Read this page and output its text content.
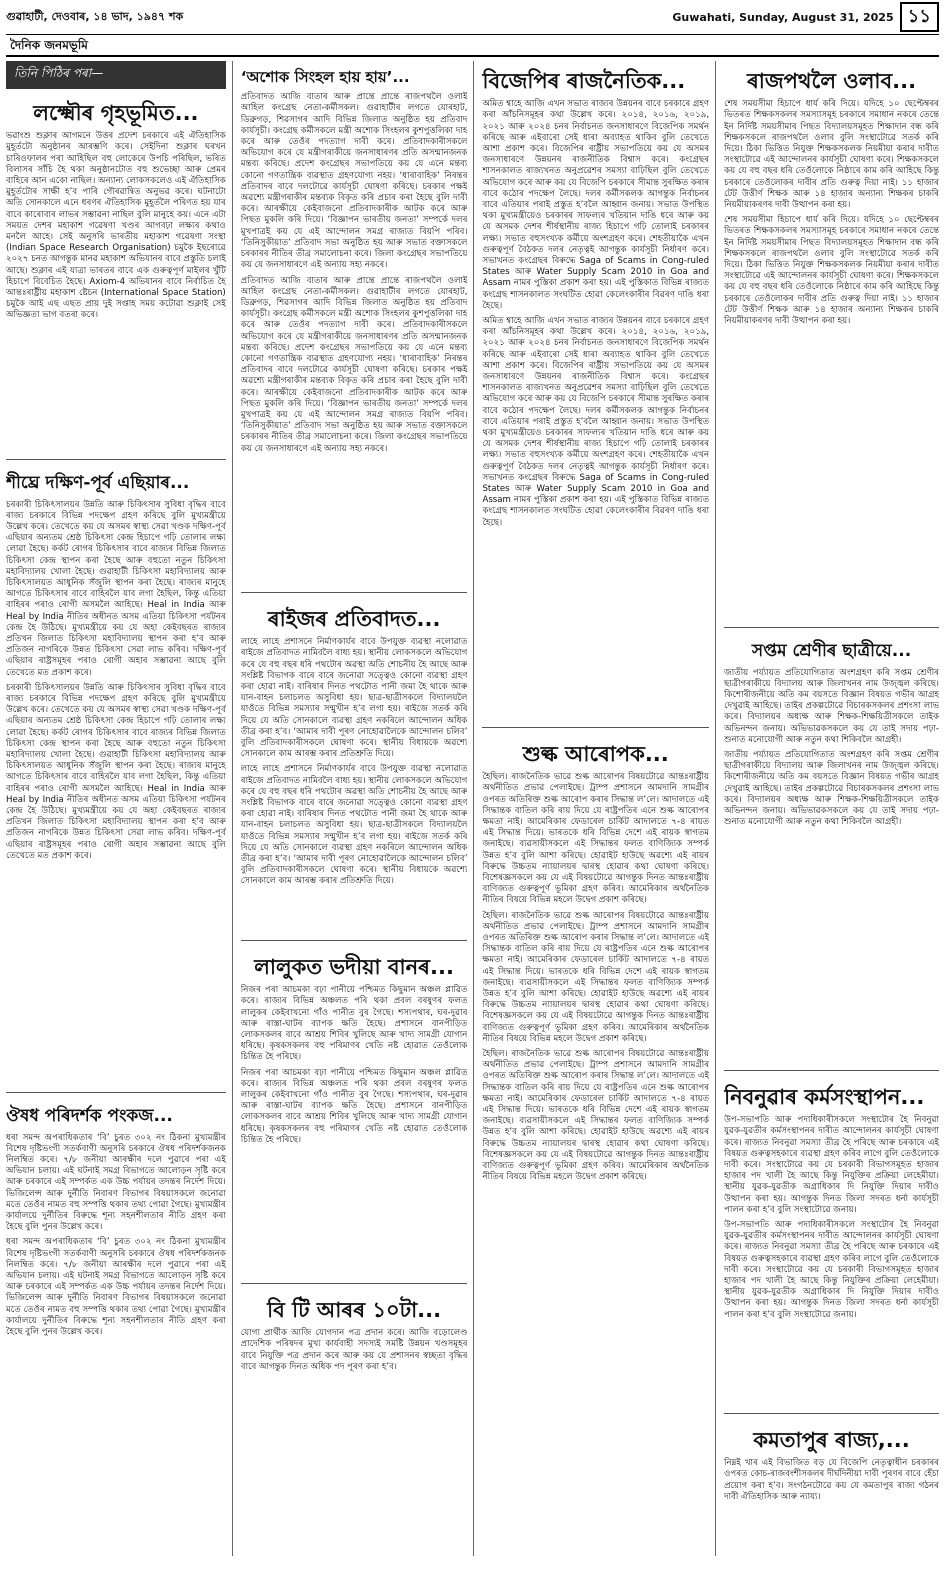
গুৱাহাটী, দেওবাৰ, ১৪ ভাদ, ১৯৪৭ শক	Guwahati, Sunday, August 31, 2025 ১১
দৈনিক জনমভূমি
তিনি পিঠিৰ পৰা—
লক্ষ্মৌৰ গৃহভূমিত...

ভৱাংশু শুক্লাৰ আগমনে উত্তৰ প্ৰদেশ চৰকাৰে এই ঐতিহাসিক মুহূৰ্তটো অনুষ্ঠানৰ আৰম্ভণি কৰে। সেইদিনা শুক্লাৰ ঘৰখন চাৰিওফালৰ পৰা আহিছিল বহু লোকেৰে উপচি পৰিছিল, ভৰিত বিলাসৰ সাঁচি হৈ থকা অনুষ্ঠানটোত বহু শুভেচ্ছা আৰু প্ৰেমৰ বাহিৰে আন একো নাছিল। অন্যান্য লোকসকলেও এই ঐতিহাসিক মুহূৰ্তটোৰ সাক্ষী হ’ব পাৰি গৌৰৱান্বিত অনুভৱ কৰে। ঘটনাটো অতি সোনকালে এনে ধৰণৰ ঐতিহাসিক মুহূৰ্তলৈ পৰিণত হয় যাৰ বাবে কাৰোবাৰ লাভৰ সম্ভাৱনা নাছিল বুলি মানুহে কয়। এনে এটা সময়ত দেশৰ মহাকাশ গৱেষণা খণ্ডৰ আগবঢ়া লক্ষ্যৰ কথাও মনলৈ আহে। সেই অনুসৰি ভাৰতীয় মহাকাশ গৱেষণা সংস্থা (Indian Space Research Organisation) চমুকৈ ইছৰোৱে ২০২৭ চনত আগন্তুক মানৱ মহাকাশ অভিযানৰ বাবে প্ৰস্তুতি চলাই আছে। শুক্লাৰ এই যাত্ৰা ভাৰতৰ বাবে এক গুৰুত্বপূৰ্ণ মাইলৰ খুঁটি হিচাপে বিবেচিত হৈছে। Axiom-4 অভিযানৰ বাবে নিৰ্বাচিত হৈ আন্তঃৰাষ্ট্ৰীয় মহাকাশ ষ্টেচন (International Space Station) চমুকৈ আই এছ এছত প্ৰায় দুই সপ্তাহ সময় কটোৱা শুক্লাই সেই অভিজ্ঞতা ভাগ বতৰা কৰে।

শীঘ্ৰে দক্ষিণ-পূৰ্ব এছিয়াৰ...

চৰকাৰী চিকিৎসালয়ৰ উন্নতি আৰু চিকিৎসাৰ সুবিধা বৃদ্ধিৰ বাবে ৰাজ্য চৰকাৰে বিভিন্ন পদক্ষেপ গ্ৰহণ কৰিছে বুলি মুখ্যমন্ত্ৰীয়ে উল্লেখ কৰে। তেখেতে কয় যে অসমৰ স্বাস্থ্য সেৱা খণ্ডক দক্ষিণ-পূৰ্ব এছিয়াৰ অন্যতম শ্ৰেষ্ঠ চিকিৎসা কেন্দ্ৰ হিচাপে গঢ়ি তোলাৰ লক্ষ্য লোৱা হৈছে। কৰ্কট ৰোগৰ চিকিৎসাৰ বাবে ৰাজ্যৰ বিভিন্ন জিলাত চিকিৎসা কেন্দ্ৰ স্থাপন কৰা হৈছে আৰু বহুতো নতুন চিকিৎসা মহাবিদ্যালয় খোলা হৈছে। গুৱাহাটী চিকিৎসা মহাবিদ্যালয় আৰু চিকিৎসালয়ত আধুনিক সঁজুলি স্থাপন কৰা হৈছে। ৰাজ্যৰ মানুহে আগতে চিকিৎসাৰ বাবে বাহিৰলৈ যাব লগা হৈছিল, কিন্তু এতিয়া বাহিৰৰ পৰাও ৰোগী অসমলৈ আহিছে। Heal in India আৰু Heal by India নীতিৰ অধীনত অসম এতিয়া চিকিৎসা পৰ্যটনৰ কেন্দ্ৰ হৈ উঠিছে। মুখ্যমন্ত্ৰীয়ে কয় যে অহা কেইবছৰত ৰাজ্যৰ প্ৰতিখন জিলাত চিকিৎসা মহাবিদ্যালয় স্থাপন কৰা হ’ব আৰু প্ৰতিজন নাগৰিকে উন্নত চিকিৎসা সেৱা লাভ কৰিব। দক্ষিণ-পূৰ্ব এছিয়াৰ ৰাষ্ট্ৰসমূহৰ পৰাও ৰোগী অহাৰ সম্ভাৱনা আছে বুলি তেখেতে মত প্ৰকাশ কৰে।

চৰকাৰী চিকিৎসালয়ৰ উন্নতি আৰু চিকিৎসাৰ সুবিধা বৃদ্ধিৰ বাবে ৰাজ্য চৰকাৰে বিভিন্ন পদক্ষেপ গ্ৰহণ কৰিছে বুলি মুখ্যমন্ত্ৰীয়ে উল্লেখ কৰে। তেখেতে কয় যে অসমৰ স্বাস্থ্য সেৱা খণ্ডক দক্ষিণ-পূৰ্ব এছিয়াৰ অন্যতম শ্ৰেষ্ঠ চিকিৎসা কেন্দ্ৰ হিচাপে গঢ়ি তোলাৰ লক্ষ্য লোৱা হৈছে। কৰ্কট ৰোগৰ চিকিৎসাৰ বাবে ৰাজ্যৰ বিভিন্ন জিলাত চিকিৎসা কেন্দ্ৰ স্থাপন কৰা হৈছে আৰু বহুতো নতুন চিকিৎসা মহাবিদ্যালয় খোলা হৈছে। গুৱাহাটী চিকিৎসা মহাবিদ্যালয় আৰু চিকিৎসালয়ত আধুনিক সঁজুলি স্থাপন কৰা হৈছে। ৰাজ্যৰ মানুহে আগতে চিকিৎসাৰ বাবে বাহিৰলৈ যাব লগা হৈছিল, কিন্তু এতিয়া বাহিৰৰ পৰাও ৰোগী অসমলৈ আহিছে। Heal in India আৰু Heal by India নীতিৰ অধীনত অসম এতিয়া চিকিৎসা পৰ্যটনৰ কেন্দ্ৰ হৈ উঠিছে। মুখ্যমন্ত্ৰীয়ে কয় যে অহা কেইবছৰত ৰাজ্যৰ প্ৰতিখন জিলাত চিকিৎসা মহাবিদ্যালয় স্থাপন কৰা হ’ব আৰু প্ৰতিজন নাগৰিকে উন্নত চিকিৎসা সেৱা লাভ কৰিব। দক্ষিণ-পূৰ্ব এছিয়াৰ ৰাষ্ট্ৰসমূহৰ পৰাও ৰোগী অহাৰ সম্ভাৱনা আছে বুলি তেখেতে মত প্ৰকাশ কৰে।

ঔষধ পৰিদৰ্শক পংকজ...

ধৰা সমন্দ অপৰাধিকতাৰ ‘বি’ চুৰত ৩০২ নং ঠিকনা মুখ্যমন্ত্ৰীৰ বিশেষ দৃষ্টিভংগী সতৰ্কবাণী অনুসৰি চৰকাৰে ঔষধ পৰিদৰ্শকজনক নিলম্বিত কৰে। ৭/৮ জনীয়া আৰক্ষীৰ দলে পুৱাৰে পৰা এই অভিযান চলায়। এই ঘটনাই সমগ্ৰ বিভাগতে আলোড়ন সৃষ্টি কৰে আৰু চৰকাৰে এই সম্পৰ্কত এক উচ্চ পৰ্যায়ৰ তদন্তৰ নিৰ্দেশ দিয়ে। ভিজিলেন্স আৰু দুৰ্নীতি নিবাৰণ বিভাগৰ বিষয়াসকলে জনোৱা মতে তেওঁৰ নামত বহু সম্পত্তি থকাৰ তথ্য পোৱা গৈছে। মুখ্যমন্ত্ৰীৰ কাৰ্যালয়ে দুৰ্নীতিৰ বিৰুদ্ধে শূন্য সহনশীলতাৰ নীতি গ্ৰহণ কৰা হৈছে বুলি পুনৰ উল্লেখ কৰে।

ধৰা সমন্দ অপৰাধিকতাৰ ‘বি’ চুৰত ৩০২ নং ঠিকনা মুখ্যমন্ত্ৰীৰ বিশেষ দৃষ্টিভংগী সতৰ্কবাণী অনুসৰি চৰকাৰে ঔষধ পৰিদৰ্শকজনক নিলম্বিত কৰে। ৭/৮ জনীয়া আৰক্ষীৰ দলে পুৱাৰে পৰা এই অভিযান চলায়। এই ঘটনাই সমগ্ৰ বিভাগতে আলোড়ন সৃষ্টি কৰে আৰু চৰকাৰে এই সম্পৰ্কত এক উচ্চ পৰ্যায়ৰ তদন্তৰ নিৰ্দেশ দিয়ে। ভিজিলেন্স আৰু দুৰ্নীতি নিবাৰণ বিভাগৰ বিষয়াসকলে জনোৱা মতে তেওঁৰ নামত বহু সম্পত্তি থকাৰ তথ্য পোৱা গৈছে। মুখ্যমন্ত্ৰীৰ কাৰ্যালয়ে দুৰ্নীতিৰ বিৰুদ্ধে শূন্য সহনশীলতাৰ নীতি গ্ৰহণ কৰা হৈছে বুলি পুনৰ উল্লেখ কৰে।

‘অশোক সিংহল হায় হায়’...

প্ৰতিবাদত আজি বাতাৰ আৰু প্ৰান্তে প্ৰান্তে ৰাজপথলৈ ওলাই আহিল কংগ্ৰেছ নেতা-কৰ্মীসকল। গুৱাহাটীৰ লগতে যোৰহাট, ডিব্ৰুগড়, শিৱসাগৰ আদি বিভিন্ন জিলাত অনুষ্ঠিত হয় প্ৰতিবাদ কাৰ্যসূচী। কংগ্ৰেছ কৰ্মীসকলে মন্ত্ৰী অশোক সিংহলৰ কুশপুত্তলিকা দাহ কৰে আৰু তেওঁৰ পদত্যাগ দাবী কৰে। প্ৰতিবাদকাৰীসকলে অভিযোগ কৰে যে মন্ত্ৰীগৰাকীয়ে জনসাধাৰণৰ প্ৰতি অসন্মানজনক মন্তব্য কৰিছে। প্ৰদেশ কংগ্ৰেছৰ সভাপতিয়ে কয় যে এনে মন্তব্য কোনো গণতান্ত্ৰিক ব্যৱস্থাত গ্ৰহণযোগ্য নহয়। ‘ধাৰাবাহিক’ নিৰন্তৰ প্ৰতিবাদৰ বাবে দলটোৱে কাৰ্যসূচী ঘোষণা কৰিছে। চৰকাৰ পক্ষই অৱশ্যে মন্ত্ৰীগৰাকীৰ মন্তব্যক বিকৃত কৰি প্ৰচাৰ কৰা হৈছে বুলি দাবী কৰে। আৰক্ষীয়ে কেইবাজনো প্ৰতিবাদকাৰীক আটক কৰে আৰু পিছত মুকলি কৰি দিয়ে। ‘বিজ্ঞাপন ভাৰতীয় জনতা’ সম্পৰ্কে দলৰ মুখপাত্ৰই কয় যে এই আন্দোলন সমগ্ৰ ৰাজ্যত বিয়পি পৰিব। ‘তিনিসুকীয়াত’ প্ৰতিবাদ সভা অনুষ্ঠিত হয় আৰু সভাত বক্তাসকলে চৰকাৰৰ নীতিৰ তীব্ৰ সমালোচনা কৰে। জিলা কংগ্ৰেছৰ সভাপতিয়ে কয় যে জনসাধাৰণে এই অন্যায় সহ্য নকৰে।

প্ৰতিবাদত আজি বাতাৰ আৰু প্ৰান্তে প্ৰান্তে ৰাজপথলৈ ওলাই আহিল কংগ্ৰেছ নেতা-কৰ্মীসকল। গুৱাহাটীৰ লগতে যোৰহাট, ডিব্ৰুগড়, শিৱসাগৰ আদি বিভিন্ন জিলাত অনুষ্ঠিত হয় প্ৰতিবাদ কাৰ্যসূচী। কংগ্ৰেছ কৰ্মীসকলে মন্ত্ৰী অশোক সিংহলৰ কুশপুত্তলিকা দাহ কৰে আৰু তেওঁৰ পদত্যাগ দাবী কৰে। প্ৰতিবাদকাৰীসকলে অভিযোগ কৰে যে মন্ত্ৰীগৰাকীয়ে জনসাধাৰণৰ প্ৰতি অসন্মানজনক মন্তব্য কৰিছে। প্ৰদেশ কংগ্ৰেছৰ সভাপতিয়ে কয় যে এনে মন্তব্য কোনো গণতান্ত্ৰিক ব্যৱস্থাত গ্ৰহণযোগ্য নহয়। ‘ধাৰাবাহিক’ নিৰন্তৰ প্ৰতিবাদৰ বাবে দলটোৱে কাৰ্যসূচী ঘোষণা কৰিছে। চৰকাৰ পক্ষই অৱশ্যে মন্ত্ৰীগৰাকীৰ মন্তব্যক বিকৃত কৰি প্ৰচাৰ কৰা হৈছে বুলি দাবী কৰে। আৰক্ষীয়ে কেইবাজনো প্ৰতিবাদকাৰীক আটক কৰে আৰু পিছত মুকলি কৰি দিয়ে। ‘বিজ্ঞাপন ভাৰতীয় জনতা’ সম্পৰ্কে দলৰ মুখপাত্ৰই কয় যে এই আন্দোলন সমগ্ৰ ৰাজ্যত বিয়পি পৰিব। ‘তিনিসুকীয়াত’ প্ৰতিবাদ সভা অনুষ্ঠিত হয় আৰু সভাত বক্তাসকলে চৰকাৰৰ নীতিৰ তীব্ৰ সমালোচনা কৰে। জিলা কংগ্ৰেছৰ সভাপতিয়ে কয় যে জনসাধাৰণে এই অন্যায় সহ্য নকৰে।

ৰাইজৰ প্ৰতিবাদত...

লাহে লাহে প্ৰশাসনে নিৰ্মাণকাৰ্যৰ বাবে উপযুক্ত ব্যৱস্থা নলোৱাত ৰাইজে প্ৰতিবাদত নামিবলৈ বাধ্য হয়। স্থানীয় লোকসকলে অভিযোগ কৰে যে বহু বছৰ ধৰি পথটোৰ অৱস্থা অতি শোচনীয় হৈ আছে আৰু সংশ্লিষ্ট বিভাগক বাৰে বাৰে জনোৱা সত্ত্বেও কোনো ব্যৱস্থা গ্ৰহণ কৰা হোৱা নাই। বাৰিষাৰ দিনত পথটোত পানী জমা হৈ থাকে আৰু যান-বাহন চলাচলত অসুবিধা হয়। ছাত্ৰ-ছাত্ৰীসকলে বিদ্যালয়লৈ যাওঁতে বিভিন্ন সমস্যাৰ সন্মুখীন হ’ব লগা হয়। ৰাইজে সতৰ্ক কৰি দিয়ে যে অতি সোনকালে ব্যৱস্থা গ্ৰহণ নকৰিলে আন্দোলন অধিক তীব্ৰ কৰা হ’ব। ‘আমাৰ দাবী পূৰণ নোহোৱালৈকে আন্দোলন চলিব’ বুলি প্ৰতিবাদকাৰীসকলে ঘোষণা কৰে। স্থানীয় বিধায়কে অৱশ্যে সোনকালে কাম আৰম্ভ কৰাৰ প্ৰতিশ্ৰুতি দিয়ে।

লাহে লাহে প্ৰশাসনে নিৰ্মাণকাৰ্যৰ বাবে উপযুক্ত ব্যৱস্থা নলোৱাত ৰাইজে প্ৰতিবাদত নামিবলৈ বাধ্য হয়। স্থানীয় লোকসকলে অভিযোগ কৰে যে বহু বছৰ ধৰি পথটোৰ অৱস্থা অতি শোচনীয় হৈ আছে আৰু সংশ্লিষ্ট বিভাগক বাৰে বাৰে জনোৱা সত্ত্বেও কোনো ব্যৱস্থা গ্ৰহণ কৰা হোৱা নাই। বাৰিষাৰ দিনত পথটোত পানী জমা হৈ থাকে আৰু যান-বাহন চলাচলত অসুবিধা হয়। ছাত্ৰ-ছাত্ৰীসকলে বিদ্যালয়লৈ যাওঁতে বিভিন্ন সমস্যাৰ সন্মুখীন হ’ব লগা হয়। ৰাইজে সতৰ্ক কৰি দিয়ে যে অতি সোনকালে ব্যৱস্থা গ্ৰহণ নকৰিলে আন্দোলন অধিক তীব্ৰ কৰা হ’ব। ‘আমাৰ দাবী পূৰণ নোহোৱালৈকে আন্দোলন চলিব’ বুলি প্ৰতিবাদকাৰীসকলে ঘোষণা কৰে। স্থানীয় বিধায়কে অৱশ্যে সোনকালে কাম আৰম্ভ কৰাৰ প্ৰতিশ্ৰুতি দিয়ে।

লালুকত ভদীয়া বানৰ...

নিজৰ পৰা আচমকা বঢ়া পানীয়ে পশ্চিমত কিছুমান অঞ্চল প্লাৱিত কৰে। ৰাজ্যৰ বিভিন্ন অঞ্চলত পৰি থকা প্ৰবল বৰষুণৰ ফলত লালুকৰ কেইবাখনো গাঁও পানীত বুৰ গৈছে। শস্যপথাৰ, ঘৰ-দুৱাৰ আৰু ৰাস্তা-ঘাটৰ ব্যাপক ক্ষতি হৈছে। প্ৰশাসনে বানপীড়িত লোকসকলৰ বাবে আশ্ৰয় শিবিৰ খুলিছে আৰু খাদ্য সামগ্ৰী যোগান ধৰিছে। কৃষকসকলৰ বহু পৰিমাণৰ খেতি নষ্ট হোৱাত তেওঁলোক চিন্তিত হৈ পৰিছে।

নিজৰ পৰা আচমকা বঢ়া পানীয়ে পশ্চিমত কিছুমান অঞ্চল প্লাৱিত কৰে। ৰাজ্যৰ বিভিন্ন অঞ্চলত পৰি থকা প্ৰবল বৰষুণৰ ফলত লালুকৰ কেইবাখনো গাঁও পানীত বুৰ গৈছে। শস্যপথাৰ, ঘৰ-দুৱাৰ আৰু ৰাস্তা-ঘাটৰ ব্যাপক ক্ষতি হৈছে। প্ৰশাসনে বানপীড়িত লোকসকলৰ বাবে আশ্ৰয় শিবিৰ খুলিছে আৰু খাদ্য সামগ্ৰী যোগান ধৰিছে। কৃষকসকলৰ বহু পৰিমাণৰ খেতি নষ্ট হোৱাত তেওঁলোক চিন্তিত হৈ পৰিছে।

বি টি আৰৰ ১০টা...

যোগ্য প্ৰাৰ্থীক আজি যোগদান পত্ৰ প্ৰদান কৰে। আজি বড়োলেণ্ড প্ৰাদেশিক পৰিষদৰ মুখ্য কাৰ্যবাহী সদস্যই সমষ্টি উন্নয়ন খণ্ডসমূহৰ বাবে নিযুক্তি পত্ৰ প্ৰদান কৰে আৰু কয় যে প্ৰশাসনৰ স্বচ্ছতা বৃদ্ধিৰ বাবে আগন্তুক দিনত অধিক পদ পূৰণ কৰা হ’ব।

বিজেপিৰ ৰাজনৈতিক...

অমিত শ্বাহে আজি এখন সভাত ৰাজ্যৰ উন্নয়নৰ বাবে চৰকাৰে গ্ৰহণ কৰা আঁচনিসমূহৰ কথা উল্লেখ কৰে। ২০১৪, ২০১৬, ২০১৯, ২০২১ আৰু ২০২৪ চনৰ নিৰ্বাচনত জনসাধাৰণে বিজেপিক সমৰ্থন কৰিছে আৰু এইবাৰো সেই ধাৰা অব্যাহত থাকিব বুলি তেখেতে আশা প্ৰকাশ কৰে। বিজেপিৰ ৰাষ্ট্ৰীয় সভাপতিয়ে কয় যে অসমৰ জনসাধাৰণে উন্নয়নৰ ৰাজনীতিক বিশ্বাস কৰে। কংগ্ৰেছৰ শাসনকালত ৰাজ্যখনত অনুপ্ৰৱেশৰ সমস্যা বাঢ়িছিল বুলি তেখেতে অভিযোগ কৰে আৰু কয় যে বিজেপি চৰকাৰে সীমান্ত সুৰক্ষিত কৰাৰ বাবে কঠোৰ পদক্ষেপ লৈছে। দলৰ কৰ্মীসকলক আগন্তুক নিৰ্বাচনৰ বাবে এতিয়াৰ পৰাই প্ৰস্তুত হ’বলৈ আহ্বান জনায়। সভাত উপস্থিত থকা মুখ্যমন্ত্ৰীয়েও চৰকাৰৰ সাফল্যৰ খতিয়ান দাঙি ধৰে আৰু কয় যে অসমক দেশৰ শীৰ্ষস্থানীয় ৰাজ্য হিচাপে গঢ়ি তোলাই চৰকাৰৰ লক্ষ্য। সভাত বহুসংখ্যক কৰ্মীয়ে অংশগ্ৰহণ কৰে। শেহতীয়াকৈ এখন গুৰুত্বপূৰ্ণ বৈঠকত দলৰ নেতৃত্বই আগন্তুক কাৰ্যসূচী নিৰ্ধাৰণ কৰে। সভাখনত কংগ্ৰেছৰ বিৰুদ্ধে Saga of Scams in Cong-ruled States আৰু Water Supply Scam 2010 in Goa and Assam নামৰ পুস্তিকা প্ৰকাশ কৰা হয়। এই পুস্তিকাত বিভিন্ন ৰাজ্যত কংগ্ৰেছ শাসনকালত সংঘটিত হোৱা কেলেংকাৰীৰ বিৱৰণ দাঙি ধৰা হৈছে।

অমিত শ্বাহে আজি এখন সভাত ৰাজ্যৰ উন্নয়নৰ বাবে চৰকাৰে গ্ৰহণ কৰা আঁচনিসমূহৰ কথা উল্লেখ কৰে। ২০১৪, ২০১৬, ২০১৯, ২০২১ আৰু ২০২৪ চনৰ নিৰ্বাচনত জনসাধাৰণে বিজেপিক সমৰ্থন কৰিছে আৰু এইবাৰো সেই ধাৰা অব্যাহত থাকিব বুলি তেখেতে আশা প্ৰকাশ কৰে। বিজেপিৰ ৰাষ্ট্ৰীয় সভাপতিয়ে কয় যে অসমৰ জনসাধাৰণে উন্নয়নৰ ৰাজনীতিক বিশ্বাস কৰে। কংগ্ৰেছৰ শাসনকালত ৰাজ্যখনত অনুপ্ৰৱেশৰ সমস্যা বাঢ়িছিল বুলি তেখেতে অভিযোগ কৰে আৰু কয় যে বিজেপি চৰকাৰে সীমান্ত সুৰক্ষিত কৰাৰ বাবে কঠোৰ পদক্ষেপ লৈছে। দলৰ কৰ্মীসকলক আগন্তুক নিৰ্বাচনৰ বাবে এতিয়াৰ পৰাই প্ৰস্তুত হ’বলৈ আহ্বান জনায়। সভাত উপস্থিত থকা মুখ্যমন্ত্ৰীয়েও চৰকাৰৰ সাফল্যৰ খতিয়ান দাঙি ধৰে আৰু কয় যে অসমক দেশৰ শীৰ্ষস্থানীয় ৰাজ্য হিচাপে গঢ়ি তোলাই চৰকাৰৰ লক্ষ্য। সভাত বহুসংখ্যক কৰ্মীয়ে অংশগ্ৰহণ কৰে। শেহতীয়াকৈ এখন গুৰুত্বপূৰ্ণ বৈঠকত দলৰ নেতৃত্বই আগন্তুক কাৰ্যসূচী নিৰ্ধাৰণ কৰে। সভাখনত কংগ্ৰেছৰ বিৰুদ্ধে Saga of Scams in Cong-ruled States আৰু Water Supply Scam 2010 in Goa and Assam নামৰ পুস্তিকা প্ৰকাশ কৰা হয়। এই পুস্তিকাত বিভিন্ন ৰাজ্যত কংগ্ৰেছ শাসনকালত সংঘটিত হোৱা কেলেংকাৰীৰ বিৱৰণ দাঙি ধৰা হৈছে।

শুল্ক আৰোপক...

হৈছিল। ৰাজনৈতিক ভাৱে শুল্ক আৰোপৰ বিষয়টোৱে আন্তঃৰাষ্ট্ৰীয় অৰ্থনীতিত প্ৰভাৱ পেলাইছে। ট্ৰাম্প প্ৰশাসনে আমদানি সামগ্ৰীৰ ওপৰত অতিৰিক্ত শুল্ক আৰোপ কৰাৰ সিদ্ধান্ত ল’লে। আদালতে এই সিদ্ধান্তক বাতিল কৰি ৰায় দিয়ে যে ৰাষ্ট্ৰপতিৰ এনে শুল্ক আৰোপৰ ক্ষমতা নাই। আমেৰিকাৰ ফেডাৰেল চাৰ্কিট আদালতে ৭-৪ ৰায়ত এই সিদ্ধান্ত দিয়ে। ভাৰতকে ধৰি বিভিন্ন দেশে এই ৰায়ক স্বাগতম জনাইছে। ব্যৱসায়ীসকলে এই সিদ্ধান্তৰ ফলত বাণিজ্যিক সম্পৰ্ক উন্নত হ’ব বুলি আশা কৰিছে। হোৱাইট হাউছে অৱশ্যে এই ৰায়ৰ বিৰুদ্ধে উচ্চতম ন্যায়ালয়ৰ দ্বাৰস্থ হোৱাৰ কথা ঘোষণা কৰিছে। বিশেষজ্ঞসকলে কয় যে এই বিষয়টোৱে আগন্তুক দিনত আন্তঃৰাষ্ট্ৰীয় বাণিজ্যত গুৰুত্বপূৰ্ণ ভূমিকা গ্ৰহণ কৰিব। আমেৰিকাৰ অৰ্থনৈতিক নীতিৰ বিষয়ে বিভিন্ন মহলে উদ্বেগ প্ৰকাশ কৰিছে।

হৈছিল। ৰাজনৈতিক ভাৱে শুল্ক আৰোপৰ বিষয়টোৱে আন্তঃৰাষ্ট্ৰীয় অৰ্থনীতিত প্ৰভাৱ পেলাইছে। ট্ৰাম্প প্ৰশাসনে আমদানি সামগ্ৰীৰ ওপৰত অতিৰিক্ত শুল্ক আৰোপ কৰাৰ সিদ্ধান্ত ল’লে। আদালতে এই সিদ্ধান্তক বাতিল কৰি ৰায় দিয়ে যে ৰাষ্ট্ৰপতিৰ এনে শুল্ক আৰোপৰ ক্ষমতা নাই। আমেৰিকাৰ ফেডাৰেল চাৰ্কিট আদালতে ৭-৪ ৰায়ত এই সিদ্ধান্ত দিয়ে। ভাৰতকে ধৰি বিভিন্ন দেশে এই ৰায়ক স্বাগতম জনাইছে। ব্যৱসায়ীসকলে এই সিদ্ধান্তৰ ফলত বাণিজ্যিক সম্পৰ্ক উন্নত হ’ব বুলি আশা কৰিছে। হোৱাইট হাউছে অৱশ্যে এই ৰায়ৰ বিৰুদ্ধে উচ্চতম ন্যায়ালয়ৰ দ্বাৰস্থ হোৱাৰ কথা ঘোষণা কৰিছে। বিশেষজ্ঞসকলে কয় যে এই বিষয়টোৱে আগন্তুক দিনত আন্তঃৰাষ্ট্ৰীয় বাণিজ্যত গুৰুত্বপূৰ্ণ ভূমিকা গ্ৰহণ কৰিব। আমেৰিকাৰ অৰ্থনৈতিক নীতিৰ বিষয়ে বিভিন্ন মহলে উদ্বেগ প্ৰকাশ কৰিছে।

হৈছিল। ৰাজনৈতিক ভাৱে শুল্ক আৰোপৰ বিষয়টোৱে আন্তঃৰাষ্ট্ৰীয় অৰ্থনীতিত প্ৰভাৱ পেলাইছে। ট্ৰাম্প প্ৰশাসনে আমদানি সামগ্ৰীৰ ওপৰত অতিৰিক্ত শুল্ক আৰোপ কৰাৰ সিদ্ধান্ত ল’লে। আদালতে এই সিদ্ধান্তক বাতিল কৰি ৰায় দিয়ে যে ৰাষ্ট্ৰপতিৰ এনে শুল্ক আৰোপৰ ক্ষমতা নাই। আমেৰিকাৰ ফেডাৰেল চাৰ্কিট আদালতে ৭-৪ ৰায়ত এই সিদ্ধান্ত দিয়ে। ভাৰতকে ধৰি বিভিন্ন দেশে এই ৰায়ক স্বাগতম জনাইছে। ব্যৱসায়ীসকলে এই সিদ্ধান্তৰ ফলত বাণিজ্যিক সম্পৰ্ক উন্নত হ’ব বুলি আশা কৰিছে। হোৱাইট হাউছে অৱশ্যে এই ৰায়ৰ বিৰুদ্ধে উচ্চতম ন্যায়ালয়ৰ দ্বাৰস্থ হোৱাৰ কথা ঘোষণা কৰিছে। বিশেষজ্ঞসকলে কয় যে এই বিষয়টোৱে আগন্তুক দিনত আন্তঃৰাষ্ট্ৰীয় বাণিজ্যত গুৰুত্বপূৰ্ণ ভূমিকা গ্ৰহণ কৰিব। আমেৰিকাৰ অৰ্থনৈতিক নীতিৰ বিষয়ে বিভিন্ন মহলে উদ্বেগ প্ৰকাশ কৰিছে।

ৰাজপথলৈ ওলাব...

শেষ সময়সীমা হিচাপে ধাৰ্য কৰি দিয়ে। যদিহে ১০ ছেপ্টেম্বৰৰ ভিতৰত শিক্ষকসকলৰ সমস্যাসমূহ চৰকাৰে সমাধান নকৰে তেন্তে ইন নিৰ্দিষ্ট সময়সীমাৰ পিছত বিদ্যালয়সমূহত শিক্ষাদান বন্ধ কৰি শিক্ষকসকলে ৰাজপথলৈ ওলাব বুলি সংস্থাটোৱে সতৰ্ক কৰি দিয়ে। ঠিকা ভিত্তিত নিযুক্ত শিক্ষকসকলক নিয়মীয়া কৰাৰ দাবীত সংস্থাটোৱে এই আন্দোলনৰ কাৰ্যসূচী ঘোষণা কৰে। শিক্ষকসকলে কয় যে বহু বছৰ ধৰি তেওঁলোকে নিষ্ঠাৰে কাম কৰি আহিছে কিন্তু চৰকাৰে তেওঁলোকৰ দাবীৰ প্ৰতি গুৰুত্ব দিয়া নাই। ১১ হাজাৰ টেট উত্তীৰ্ণ শিক্ষক আৰু ১৪ হাজাৰ অন্যান্য শিক্ষকৰ চাকৰি নিয়মীয়াকৰণৰ দাবী উত্থাপন কৰা হয়।

শেষ সময়সীমা হিচাপে ধাৰ্য কৰি দিয়ে। যদিহে ১০ ছেপ্টেম্বৰৰ ভিতৰত শিক্ষকসকলৰ সমস্যাসমূহ চৰকাৰে সমাধান নকৰে তেন্তে ইন নিৰ্দিষ্ট সময়সীমাৰ পিছত বিদ্যালয়সমূহত শিক্ষাদান বন্ধ কৰি শিক্ষকসকলে ৰাজপথলৈ ওলাব বুলি সংস্থাটোৱে সতৰ্ক কৰি দিয়ে। ঠিকা ভিত্তিত নিযুক্ত শিক্ষকসকলক নিয়মীয়া কৰাৰ দাবীত সংস্থাটোৱে এই আন্দোলনৰ কাৰ্যসূচী ঘোষণা কৰে। শিক্ষকসকলে কয় যে বহু বছৰ ধৰি তেওঁলোকে নিষ্ঠাৰে কাম কৰি আহিছে কিন্তু চৰকাৰে তেওঁলোকৰ দাবীৰ প্ৰতি গুৰুত্ব দিয়া নাই। ১১ হাজাৰ টেট উত্তীৰ্ণ শিক্ষক আৰু ১৪ হাজাৰ অন্যান্য শিক্ষকৰ চাকৰি নিয়মীয়াকৰণৰ দাবী উত্থাপন কৰা হয়।

সপ্তম শ্ৰেণীৰ ছাত্ৰীয়ে...

জাতীয় পৰ্য্যায়ত প্ৰতিযোগিতাত অংশগ্ৰহণ কৰি সপ্তম শ্ৰেণীৰ ছাত্ৰীগৰাকীয়ে বিদ্যালয় আৰু জিলাখনৰ নাম উজ্জ্বল কৰিছে। কিশোৰীজনীয়ে অতি কম বয়সতে বিজ্ঞান বিষয়ত গভীৰ আগ্ৰহ দেখুৱাই আহিছে। তাইৰ প্ৰকল্পটোৱে বিচাৰকসকলৰ প্ৰশংসা লাভ কৰে। বিদ্যালয়ৰ অধ্যক্ষ আৰু শিক্ষক-শিক্ষয়িত্ৰীসকলে তাইক অভিনন্দন জনায়। অভিভাৱকসকলে কয় যে তাই সদায় পঢ়া-শুনাত মনোযোগী আৰু নতুন কথা শিকিবলৈ আগ্ৰহী।

জাতীয় পৰ্য্যায়ত প্ৰতিযোগিতাত অংশগ্ৰহণ কৰি সপ্তম শ্ৰেণীৰ ছাত্ৰীগৰাকীয়ে বিদ্যালয় আৰু জিলাখনৰ নাম উজ্জ্বল কৰিছে। কিশোৰীজনীয়ে অতি কম বয়সতে বিজ্ঞান বিষয়ত গভীৰ আগ্ৰহ দেখুৱাই আহিছে। তাইৰ প্ৰকল্পটোৱে বিচাৰকসকলৰ প্ৰশংসা লাভ কৰে। বিদ্যালয়ৰ অধ্যক্ষ আৰু শিক্ষক-শিক্ষয়িত্ৰীসকলে তাইক অভিনন্দন জনায়। অভিভাৱকসকলে কয় যে তাই সদায় পঢ়া-শুনাত মনোযোগী আৰু নতুন কথা শিকিবলৈ আগ্ৰহী।

নিবনুৱাৰ কৰ্মসংস্থাপন...

উপ-সভাপতি আৰু পদাধিকাৰীসকলে সংস্থাটোৰ হৈ নিবনুৱা যুৱক-যুৱতীৰ কৰ্মসংস্থাপনৰ দাবীত আন্দোলনৰ কাৰ্যসূচী ঘোষণা কৰে। ৰাজ্যত নিবনুৱা সমস্যা তীব্ৰ হৈ পৰিছে আৰু চৰকাৰে এই বিষয়ত গুৰুত্বসহকাৰে ব্যৱস্থা গ্ৰহণ কৰিব লাগে বুলি তেওঁলোকে দাবী কৰে। সংস্থাটোৱে কয় যে চৰকাৰী বিভাগসমূহত হাজাৰ হাজাৰ পদ খালী হৈ আছে কিন্তু নিযুক্তিৰ প্ৰক্ৰিয়া লেহেমীয়া। স্থানীয় যুৱক-যুৱতীক অগ্ৰাধিকাৰ দি নিযুক্তি দিয়াৰ দাবীও উত্থাপন কৰা হয়। আগন্তুক দিনত জিলা সদৰত ধৰ্না কাৰ্যসূচী পালন কৰা হ’ব বুলি সংস্থাটোৱে জনায়।

উপ-সভাপতি আৰু পদাধিকাৰীসকলে সংস্থাটোৰ হৈ নিবনুৱা যুৱক-যুৱতীৰ কৰ্মসংস্থাপনৰ দাবীত আন্দোলনৰ কাৰ্যসূচী ঘোষণা কৰে। ৰাজ্যত নিবনুৱা সমস্যা তীব্ৰ হৈ পৰিছে আৰু চৰকাৰে এই বিষয়ত গুৰুত্বসহকাৰে ব্যৱস্থা গ্ৰহণ কৰিব লাগে বুলি তেওঁলোকে দাবী কৰে। সংস্থাটোৱে কয় যে চৰকাৰী বিভাগসমূহত হাজাৰ হাজাৰ পদ খালী হৈ আছে কিন্তু নিযুক্তিৰ প্ৰক্ৰিয়া লেহেমীয়া। স্থানীয় যুৱক-যুৱতীক অগ্ৰাধিকাৰ দি নিযুক্তি দিয়াৰ দাবীও উত্থাপন কৰা হয়। আগন্তুক দিনত জিলা সদৰত ধৰ্না কাৰ্যসূচী পালন কৰা হ’ব বুলি সংস্থাটোৱে জনায়।

কমতাপুৰ ৰাজ্য,...

নিম্নই খাৰ এই বিভাজিত বড় যে বিজেপি নেতৃত্বাধীন চৰকাৰৰ ওপৰত কোচ-ৰাজবংশীসকলৰ দীৰ্ঘদিনীয়া দাবী পূৰণৰ বাবে হেঁচা প্ৰয়োগ কৰা হ’ব। সংগঠনটোৱে কয় যে কমতাপুৰ ৰাজ্য গঠনৰ দাবী ঐতিহাসিক আৰু ন্যায্য।
